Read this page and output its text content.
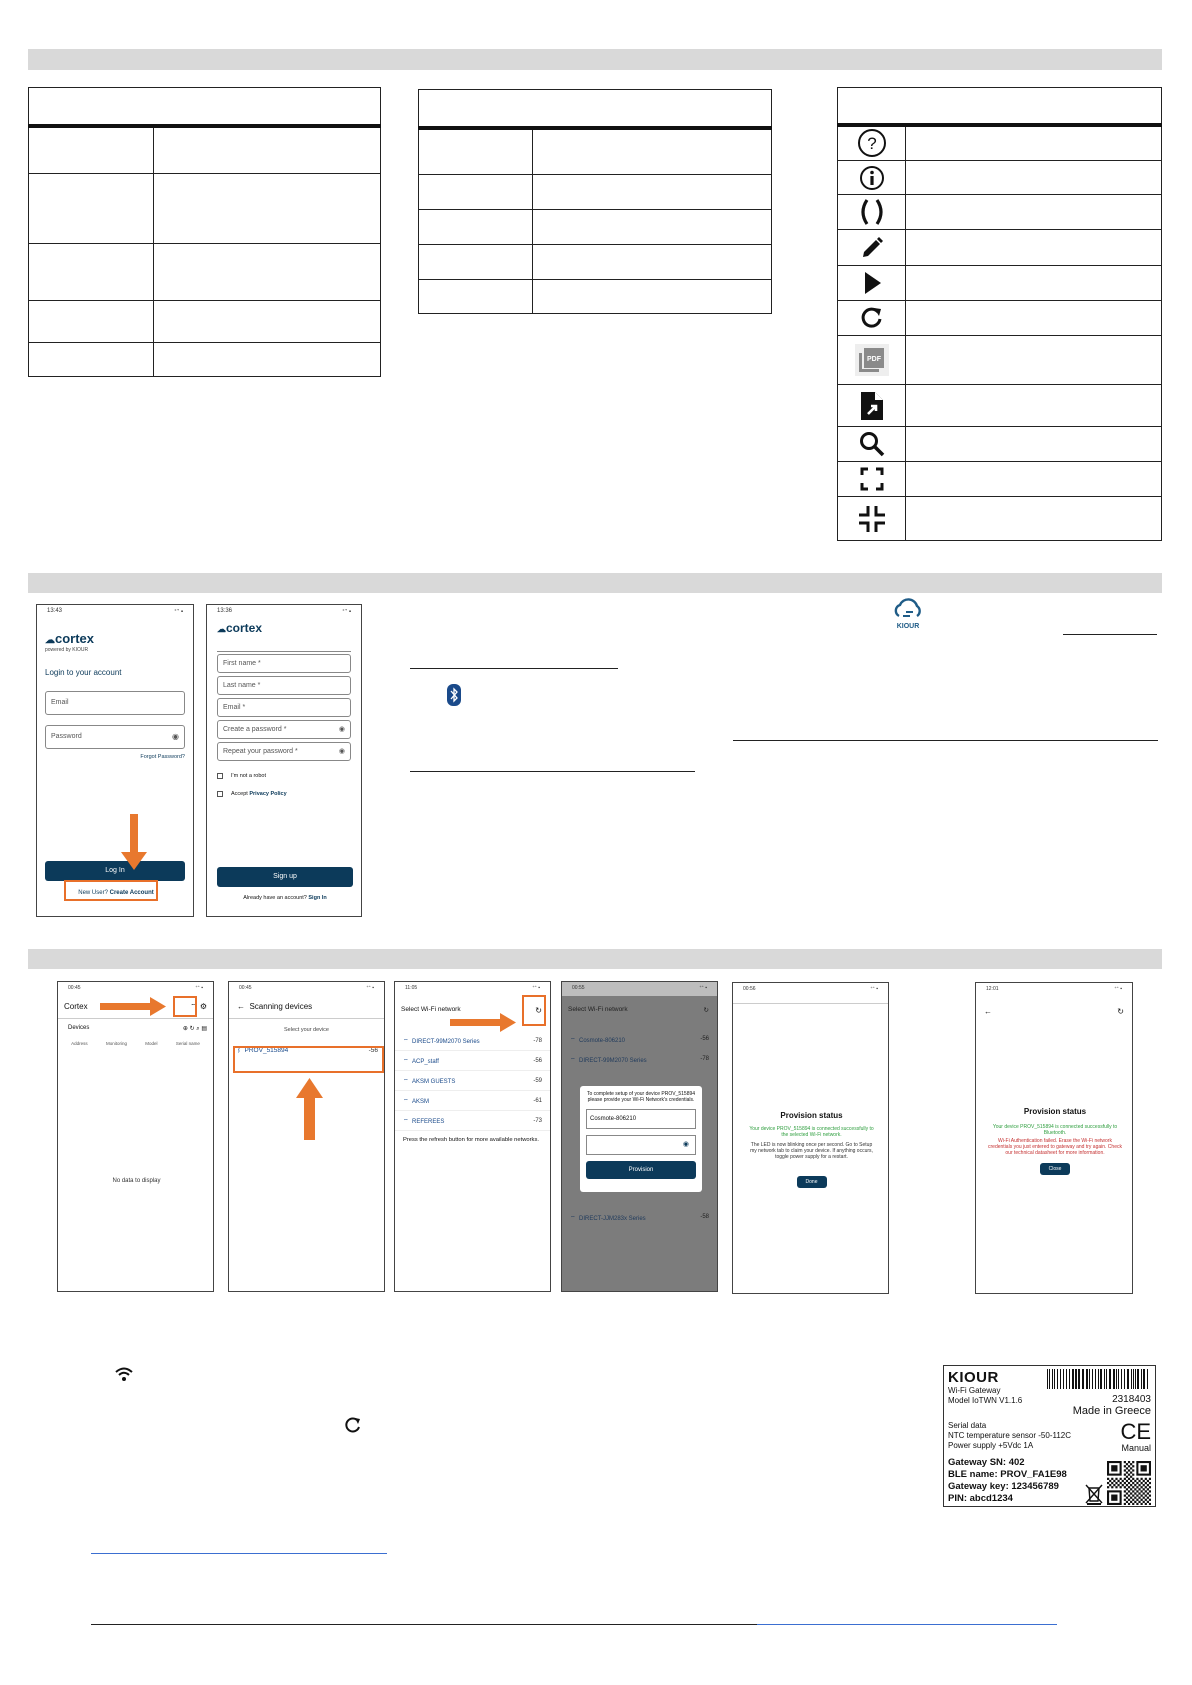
?	

PDF	

13:43	⁺ᐩ ▪
☁cortex
powered by KIOUR
Login to your account
Email
Password	◉
Forgot Password?
Log In
New User? Create Account
13:36	⁺ᐩ ▪
☁cortex
First name *
Last name *
Email *
Create a password *	◉
Repeat your password *	◉
I'm not a robot
Accept Privacy Policy
Sign up
Already have an account? Sign In
KIOUR
00:45	⁺ᐩ ▪
Cortex	⌔ ⚙
Devices	⊕ ↻ ⌕ ▤
Address	Monitoring	Model	Serial name
No data to display
00:45	⁺ᐩ ▪
← Scanning devices
Select your device
ᛒ PROV_515894	-56
11:05	⁺ᐩ ▪
Select Wi-Fi network	↻
⌔ DIRECT-99M2070 Series	-78
⌔ ACP_staff	-56
⌔ AKSM GUESTS	-59
⌔ AKSM	-61
⌔ REFEREES	-73
Press the refresh button for more available networks.
00:55	⁺ᐩ ▪
Select Wi-Fi network	↻
⌔  Cosmote-806210	-56
⌔  DIRECT-99M2070 Series	-78
To complete setup of your device PROV_515894 please provide your Wi-Fi Network's credentials.
Cosmote-806210
◉
Provision
⌔  DIRECT-JJM283x Series	-58
00:56	⁺ᐩ ▪
Provision status
Your device PROV_515894 is connected successfully to the selected Wi-Fi network.
The LED is now blinking once per second. Go to Setup my network tab to claim your device. If anything occurs, toggle power supply for a restart.
Done
12:01	⁺ᐩ ▪
←	↻
Provision status
Your device PROV_515894 is connected successfully to Bluetooth.
Wi-Fi Authentication failed. Erase the Wi-Fi network credentials you just entered to gateway and try again. Check our technical datasheet for more information.
Close
KIOUR
Wi-Fi Gateway
Model IoTWN V1.1.6	2318403
Made in Greece
Serial data
NTC temperature sensor -50-112C
Power supply +5Vdc 1A
CE
Manual
Gateway SN: 402
BLE name: PROV_FA1E98
Gateway key: 123456789
PIN: abcd1234
